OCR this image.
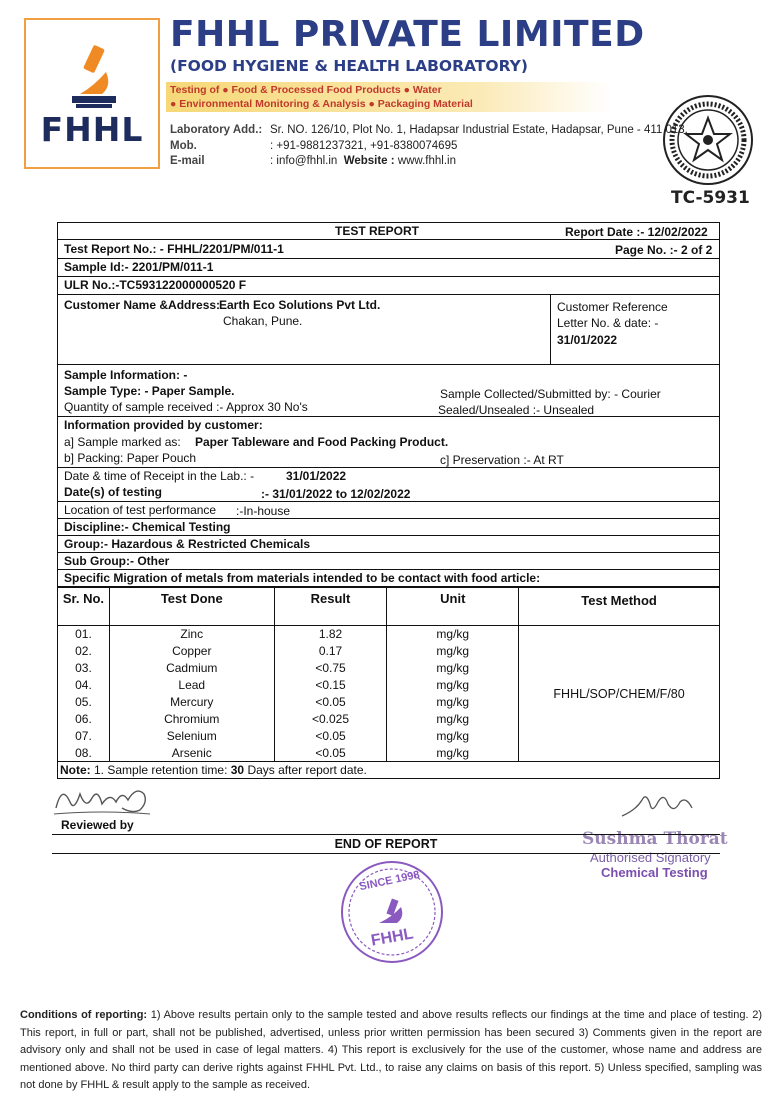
FHHL
FHHL PRIVATE LIMITED
(FOOD HYGIENE & HEALTH LABORATORY)
Testing of ● Food & Processed Food Products ● Water
● Environmental Monitoring & Analysis ● Packaging Material
Laboratory Add.: Sr. NO. 126/10, Plot No. 1, Hadapsar Industrial Estate, Hadapsar, Pune - 411 013.
Mob.	: +91-9881237321, +91-8380074695
E-mail	: info@fhhl.in Website : www.fhhl.in
TC-5931
TEST REPORT	Report Date :- 12/02/2022
Test Report No.: - FHHL/2201/PM/011-1	Page No. :- 2 of 2
Sample Id:- 2201/PM/011-1
ULR No.:-TC593122000000520 F
Customer Name &Address:
Earth Eco Solutions Pvt Ltd.
Chakan, Pune.
Customer Reference
Letter No. & date: -
31/01/2022
Sample Information: -
Sample Type: - Paper Sample.
Quantity of sample received :- Approx 30 No's
Sample Collected/Submitted by: - Courier
Sealed/Unsealed :- Unsealed
Information provided by customer:
a] Sample marked as: Paper Tableware and Food Packing Product.
b] Packing: Paper Pouch	c] Preservation :- At RT
Date & time of Receipt in the Lab.: -	31/01/2022
Date(s) of testing	:- 31/01/2022 to 12/02/2022
Location of test performance :-In-house
Discipline:- Chemical Testing
Group:- Hazardous & Restricted Chemicals
Sub Group:- Other
Specific Migration of metals from materials intended to be contact with food article:
Sr. No.	Test Done	Result	Unit	Test Method
01.	Zinc	1.82	mg/kg	FHHL/SOP/CHEM/F/80
02.	Copper	0.17	mg/kg	
03.	Cadmium	<0.75	mg/kg	
04.	Lead	<0.15	mg/kg	
05.	Mercury	<0.05	mg/kg	
06.	Chromium	<0.025	mg/kg	
07.	Selenium	<0.05	mg/kg	
08.	Arsenic	<0.05	mg/kg	
Note: 1. Sample retention time: 30 Days after report date.
Reviewed by
Sushma Thorat
Authorised Signatory
Chemical Testing
END OF REPORT
SINCE 1998
FHHL
Conditions of reporting: 1) Above results pertain only to the sample tested and above results reflects our findings at the time and place of testing. 2) This report, in full or part, shall not be published, advertised, unless prior written permission has been secured 3) Comments given in the report are advisory only and shall not be used in case of legal matters. 4) This report is exclusively for the use of the customer, whose name and address are mentioned above. No third party can derive rights against FHHL Pvt. Ltd., to raise any claims on basis of this report. 5) Unless specified, sampling was not done by FHHL & result apply to the sample as received.
